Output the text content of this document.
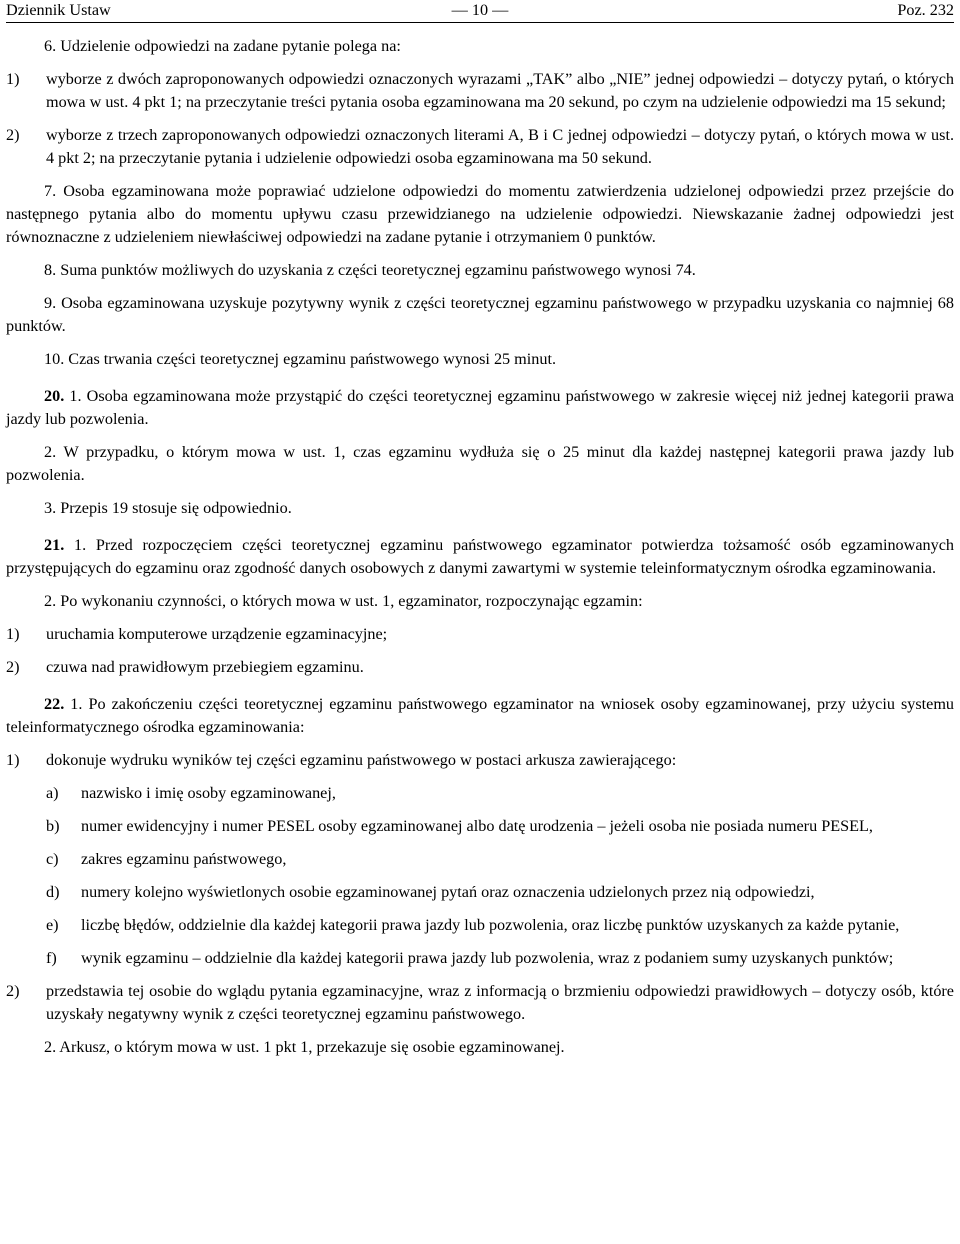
Dziennik Ustaw	— 10 —	Poz. 232

6. Udzielenie odpowiedzi na zadane pytanie polega na:

1) wyborze z dwóch zaproponowanych odpowiedzi oznaczonych wyrazami „TAK” albo „NIE” jednej odpowiedzi – dotyczy pytań, o których mowa w ust. 4 pkt 1; na przeczytanie treści pytania osoba egzaminowana ma 20 sekund, po czym na udzielenie odpowiedzi ma 15 sekund;
2) wyborze z trzech zaproponowanych odpowiedzi oznaczonych literami A, B i C jednej odpowiedzi – dotyczy pytań, o których mowa w ust. 4 pkt 2; na przeczytanie pytania i udzielenie odpowiedzi osoba egzaminowana ma 50 sekund.

7. Osoba egzaminowana może poprawiać udzielone odpowiedzi do momentu zatwierdzenia udzielonej odpowiedzi przez przejście do następnego pytania albo do momentu upływu czasu przewidzianego na udzielenie odpowiedzi. Niewskazanie żadnej odpowiedzi jest równoznaczne z udzieleniem niewłaściwej odpowiedzi na zadane pytanie i otrzymaniem 0 punktów.

8. Suma punktów możliwych do uzyskania z części teoretycznej egzaminu państwowego wynosi 74.

9. Osoba egzaminowana uzyskuje pozytywny wynik z części teoretycznej egzaminu państwowego w przypadku uzyskania co najmniej 68 punktów.

10. Czas trwania części teoretycznej egzaminu państwowego wynosi 25 minut.

20. 1. Osoba egzaminowana może przystąpić do części teoretycznej egzaminu państwowego w zakresie więcej niż jednej kategorii prawa jazdy lub pozwolenia.

2. W przypadku, o którym mowa w ust. 1, czas egzaminu wydłuża się o 25 minut dla każdej następnej kategorii prawa jazdy lub pozwolenia.

3. Przepis 19 stosuje się odpowiednio.

21. 1. Przed rozpoczęciem części teoretycznej egzaminu państwowego egzaminator potwierdza tożsamość osób egzaminowanych przystępujących do egzaminu oraz zgodność danych osobowych z danymi zawartymi w systemie teleinformatycznym ośrodka egzaminowania.

2. Po wykonaniu czynności, o których mowa w ust. 1, egzaminator, rozpoczynając egzamin:

1) uruchamia komputerowe urządzenie egzaminacyjne;
2) czuwa nad prawidłowym przebiegiem egzaminu.

22. 1. Po zakończeniu części teoretycznej egzaminu państwowego egzaminator na wniosek osoby egzaminowanej, przy użyciu systemu teleinformatycznego ośrodka egzaminowania:

1) dokonuje wydruku wyników tej części egzaminu państwowego w postaci arkusza zawierającego:
a) nazwisko i imię osoby egzaminowanej,
b) numer ewidencyjny i numer PESEL osoby egzaminowanej albo datę urodzenia – jeżeli osoba nie posiada numeru PESEL,
c) zakres egzaminu państwowego,
d) numery kolejno wyświetlonych osobie egzaminowanej pytań oraz oznaczenia udzielonych przez nią odpowiedzi,
e) liczbę błędów, oddzielnie dla każdej kategorii prawa jazdy lub pozwolenia, oraz liczbę punktów uzyskanych za każde pytanie,
f) wynik egzaminu – oddzielnie dla każdej kategorii prawa jazdy lub pozwolenia, wraz z podaniem sumy uzyskanych punktów;
2) przedstawia tej osobie do wglądu pytania egzaminacyjne, wraz z informacją o brzmieniu odpowiedzi prawidłowych – dotyczy osób, które uzyskały negatywny wynik z części teoretycznej egzaminu państwowego.

2. Arkusz, o którym mowa w ust. 1 pkt 1, przekazuje się osobie egzaminowanej.
